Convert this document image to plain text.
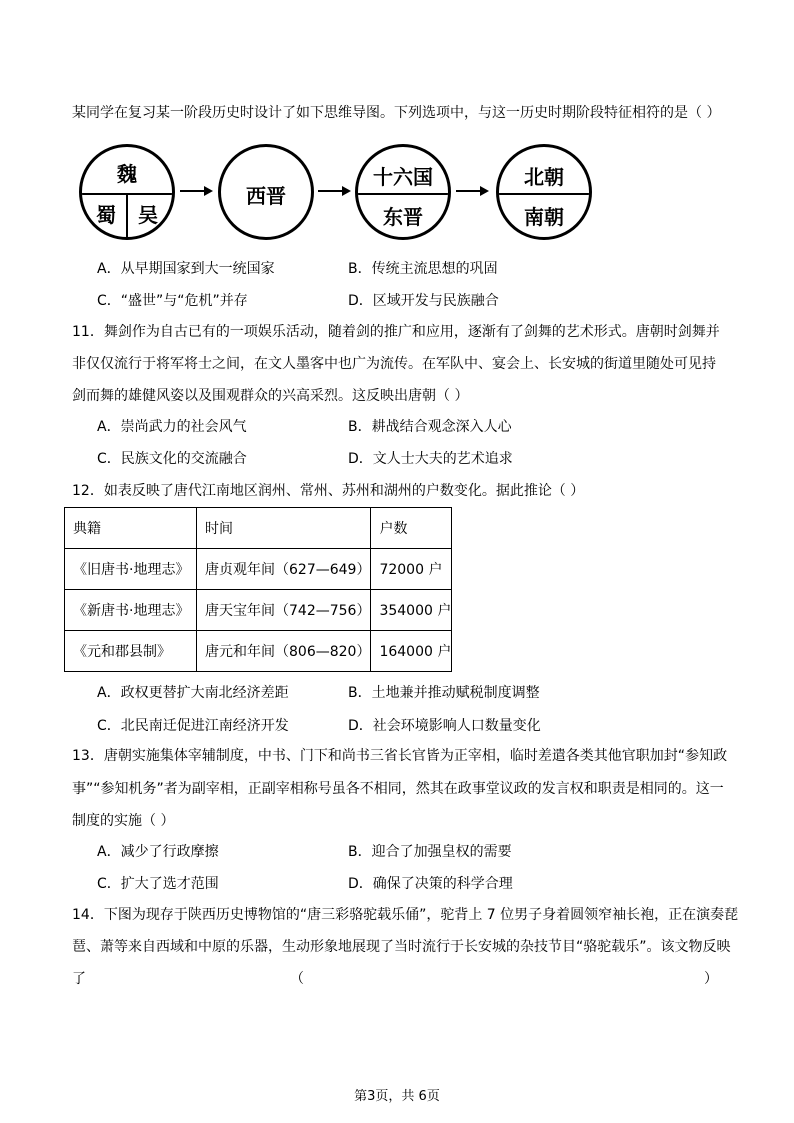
某同学在复习某一阶段历史时设计了如下思维导图。下列选项中，与这一历史时期阶段特征相符的是（ ）
魏
蜀	吴
西晋
十六国
东晋
北朝
南朝
A．从早期国家到大一统国家	B．传统主流思想的巩固
C．“盛世”与“危机”并存	D．区域开发与民族融合
11．舞剑作为自古已有的一项娱乐活动，随着剑的推广和应用，逐渐有了剑舞的艺术形式。唐朝时剑舞并
非仅仅流行于将军将士之间，在文人墨客中也广为流传。在军队中、宴会上、长安城的街道里随处可见持
剑而舞的雄健风姿以及围观群众的兴高采烈。这反映出唐朝（ ）
A．崇尚武力的社会风气	B．耕战结合观念深入人心
C．民族文化的交流融合	D．文人士大夫的艺术追求
12．如表反映了唐代江南地区润州、常州、苏州和湖州的户数变化。据此推论（ ）
典籍	时间	户数
《旧唐书·地理志》	唐贞观年间（627—649）	72000 户
《新唐书·地理志》	唐天宝年间（742—756）	354000 户
《元和郡县制》	唐元和年间（806—820）	164000 户
A．政权更替扩大南北经济差距	B．土地兼并推动赋税制度调整
C．北民南迁促进江南经济开发	D．社会环境影响人口数量变化
13．唐朝实施集体宰辅制度，中书、门下和尚书三省长官皆为正宰相，临时差遣各类其他官职加封“参知政
事”“参知机务”者为副宰相，正副宰相称号虽各不相同，然其在政事堂议政的发言权和职责是相同的。这一
制度的实施（ ）
A．减少了行政摩擦	B．迎合了加强皇权的需要
C．扩大了选才范围	D．确保了决策的科学合理
14．下图为现存于陕西历史博物馆的“唐三彩骆驼载乐俑”，驼背上 7 位男子身着圆领窄袖长袍，正在演奏琵
琶、萧等来自西域和中原的乐器，生动形象地展现了当时流行于长安城的杂技节目“骆驼载乐”。该文物反映
了	（	）
第3页，共 6页
